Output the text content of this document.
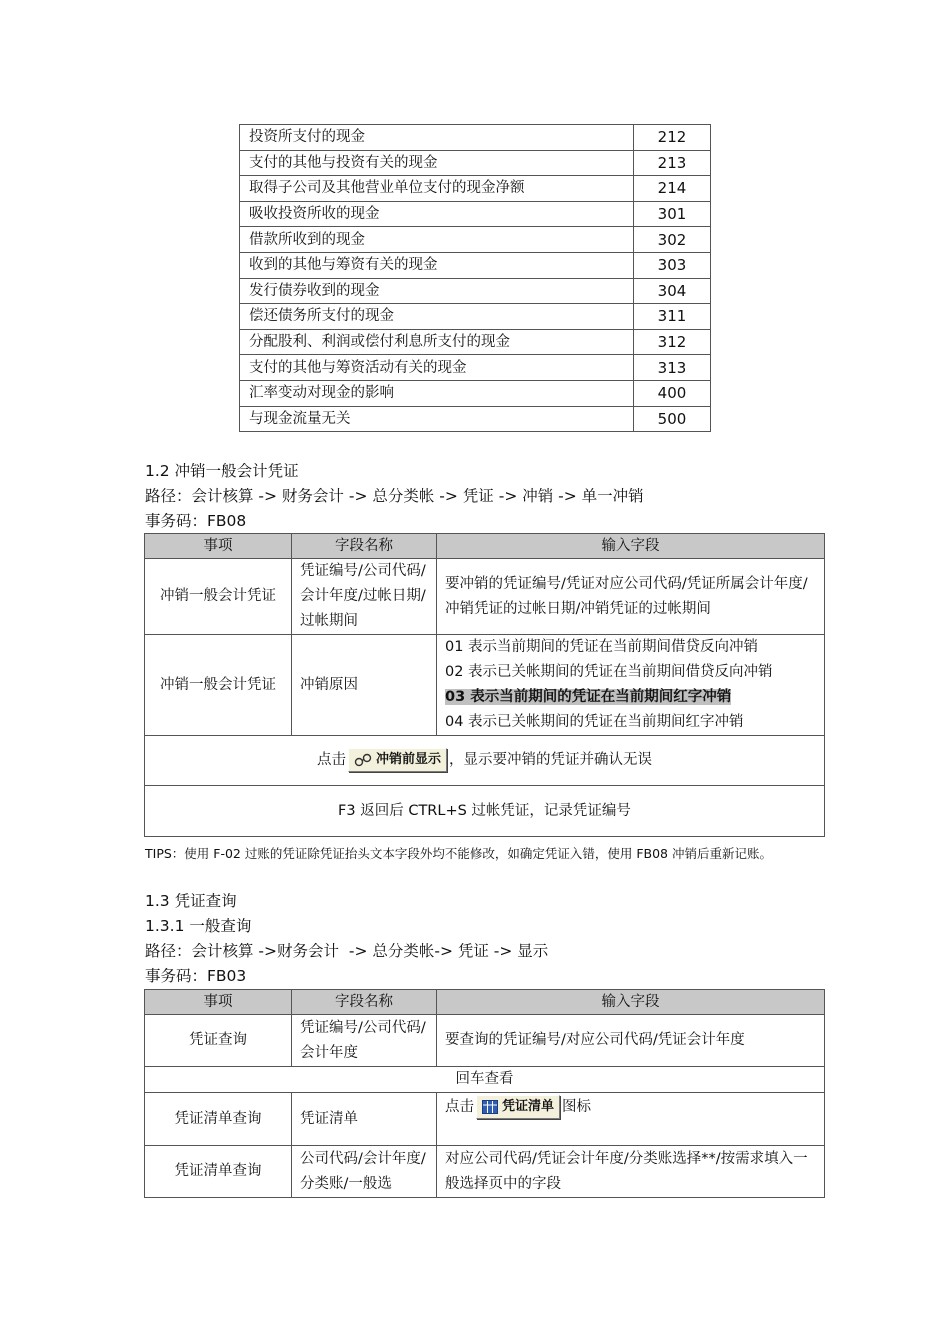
投资所支付的现金	212
支付的其他与投资有关的现金	213
取得子公司及其他营业单位支付的现金净额	214
吸收投资所收的现金	301
借款所收到的现金	302
收到的其他与筹资有关的现金	303
发行债券收到的现金	304
偿还债务所支付的现金	311
分配股利、利润或偿付利息所支付的现金	312
支付的其他与筹资活动有关的现金	313
汇率变动对现金的影响	400
与现金流量无关	500
1.2 冲销一般会计凭证
路径：会计核算 -> 财务会计 -> 总分类帐 -> 凭证 -> 冲销 -> 单一冲销
事务码：FB08
事项	字段名称	输入字段
冲销一般会计凭证	凭证编号/公司代码/会计年度/过帐日期/过帐期间	要冲销的凭证编号/凭证对应公司代码/凭证所属会计年度/冲销凭证的过帐日期/冲销凭证的过帐期间
冲销一般会计凭证	冲销原因	01 表示当前期间的凭证在当前期间借贷反向冲销
02 表示已关帐期间的凭证在当前期间借贷反向冲销
03 表示当前期间的凭证在当前期间红字冲销
04 表示已关帐期间的凭证在当前期间红字冲销

点击 冲销前显示 ，显示要冲销的凭证并确认无误		
F3 返回后 CTRL+S 过帐凭证，记录凭证编号		
TIPS：使用 F-02 过账的凭证除凭证抬头文本字段外均不能修改，如确定凭证入错，使用 FB08 冲销后重新记账。
1.3 凭证查询
1.3.1 一般查询
路径：会计核算 ->财务会计  -> 总分类帐-> 凭证 -> 显示
事务码：FB03
事项	字段名称	输入字段
凭证查询	凭证编号/公司代码/会计年度	要查询的凭证编号/对应公司代码/凭证会计年度
回车查看		
凭证清单查询	凭证清单	点击 凭证清单 图标
凭证清单查询	公司代码/会计年度/分类账/一般选	对应公司代码/凭证会计年度/分类账选择**/按需求填入一般选择页中的字段
